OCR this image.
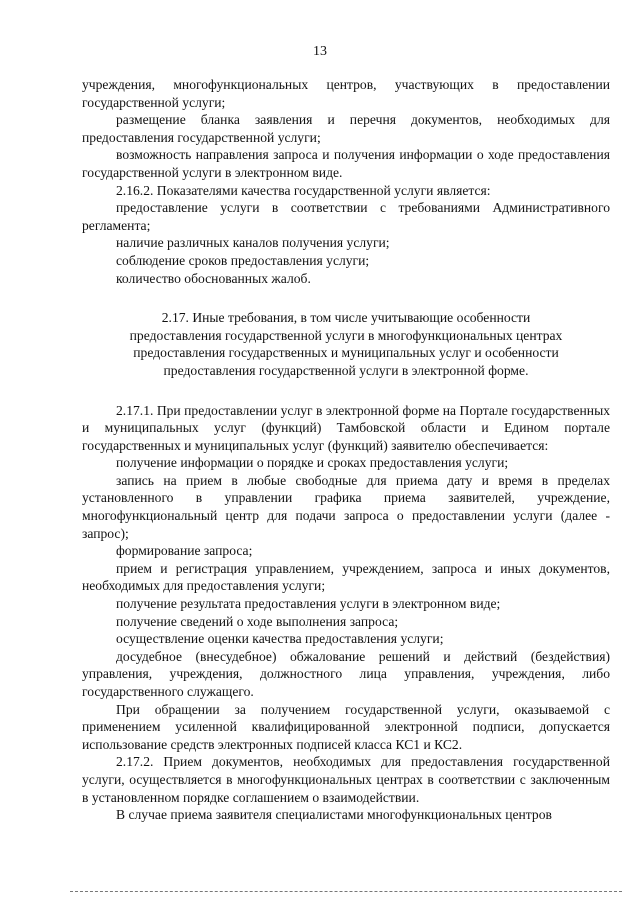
13

учреждения, многофункциональных центров, участвующих в предоставлении государственной услуги;

размещение бланка заявления и перечня документов, необходимых для предоставления государственной услуги;

возможность направления запроса и получения информации о ходе предоставления государственной услуги в электронном виде.

2.16.2. Показателями качества государственной услуги является:

предоставление услуги в соответствии с требованиями Административного регламента;

наличие различных каналов получения услуги;

соблюдение сроков предоставления услуги;

количество обоснованных жалоб.

2.17. Иные требования, в том числе учитывающие особенности
предоставления государственной услуги в многофункциональных центрах
предоставления государственных и муниципальных услуг и особенности
предоставления государственной услуги в электронной форме.

2.17.1. При предоставлении услуг в электронной форме на Портале государственных и муниципальных услуг (функций) Тамбовской области и Едином портале государственных и муниципальных услуг (функций) заявителю обеспечивается:

получение информации о порядке и сроках предоставления услуги;

запись на прием в любые свободные для приема дату и время в пределах установленного в управлении графика приема заявителей, учреждение, многофункциональный центр для подачи запроса о предоставлении услуги (далее - запрос);

формирование запроса;

прием и регистрация управлением, учреждением, запроса и иных документов, необходимых для предоставления услуги;

получение результата предоставления услуги в электронном виде;

получение сведений о ходе выполнения запроса;

осуществление оценки качества предоставления услуги;

досудебное (внесудебное) обжалование решений и действий (бездействия) управления, учреждения, должностного лица управления, учреждения, либо государственного служащего.

При обращении за получением государственной услуги, оказываемой с применением усиленной квалифицированной электронной подписи, допускается использование средств электронных подписей класса КС1 и КС2.

2.17.2. Прием документов, необходимых для предоставления государственной услуги, осуществляется в многофункциональных центрах в соответствии с заключенным в установленном порядке соглашением о взаимодействии.

В случае приема заявителя специалистами многофункциональных центров
